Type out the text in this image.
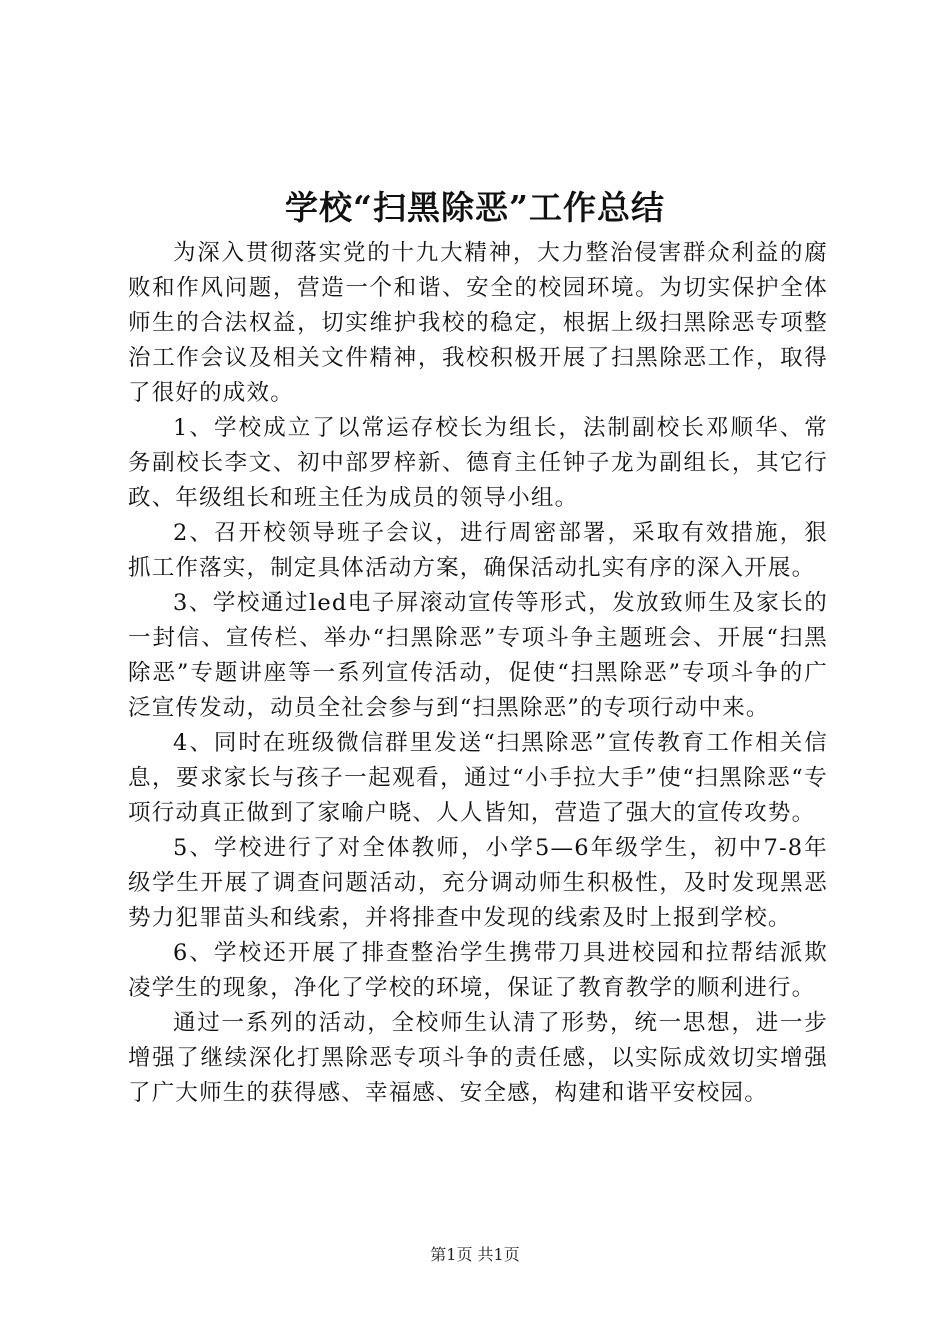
学校“扫黑除恶”工作总结

为深入贯彻落实党的十九大精神，大力整治侵害群众利益的腐败和作风问题，营造一个和谐、安全的校园环境。为切实保护全体师生的合法权益，切实维护我校的稳定，根据上级扫黑除恶专项整治工作会议及相关文件精神，我校积极开展了扫黑除恶工作，取得了很好的成效。

1、学校成立了以常运存校长为组长，法制副校长邓顺华、常务副校长李文、初中部罗梓新、德育主任钟子龙为副组长，其它行政、年级组长和班主任为成员的领导小组。

2、召开校领导班子会议，进行周密部署，采取有效措施，狠抓工作落实，制定具体活动方案，确保活动扎实有序的深入开展。

3、学校通过led电子屏滚动宣传等形式，发放致师生及家长的一封信、宣传栏、举办“扫黑除恶”专项斗争主题班会、开展“扫黑除恶”专题讲座等一系列宣传活动，促使“扫黑除恶”专项斗争的广泛宣传发动，动员全社会参与到“扫黑除恶”的专项行动中来。

4、同时在班级微信群里发送“扫黑除恶”宣传教育工作相关信息，要求家长与孩子一起观看，通过“小手拉大手”使“扫黑除恶“专项行动真正做到了家喻户晓、人人皆知，营造了强大的宣传攻势。

5、学校进行了对全体教师，小学5—6年级学生，初中7-8年级学生开展了调查问题活动，充分调动师生积极性，及时发现黑恶势力犯罪苗头和线索，并将排查中发现的线索及时上报到学校。

6、学校还开展了排查整治学生携带刀具进校园和拉帮结派欺凌学生的现象，净化了学校的环境，保证了教育教学的顺利进行。

通过一系列的活动，全校师生认清了形势，统一思想，进一步增强了继续深化打黑除恶专项斗争的责任感，以实际成效切实增强了广大师生的获得感、幸福感、安全感，构建和谐平安校园。

第1页 共1页
